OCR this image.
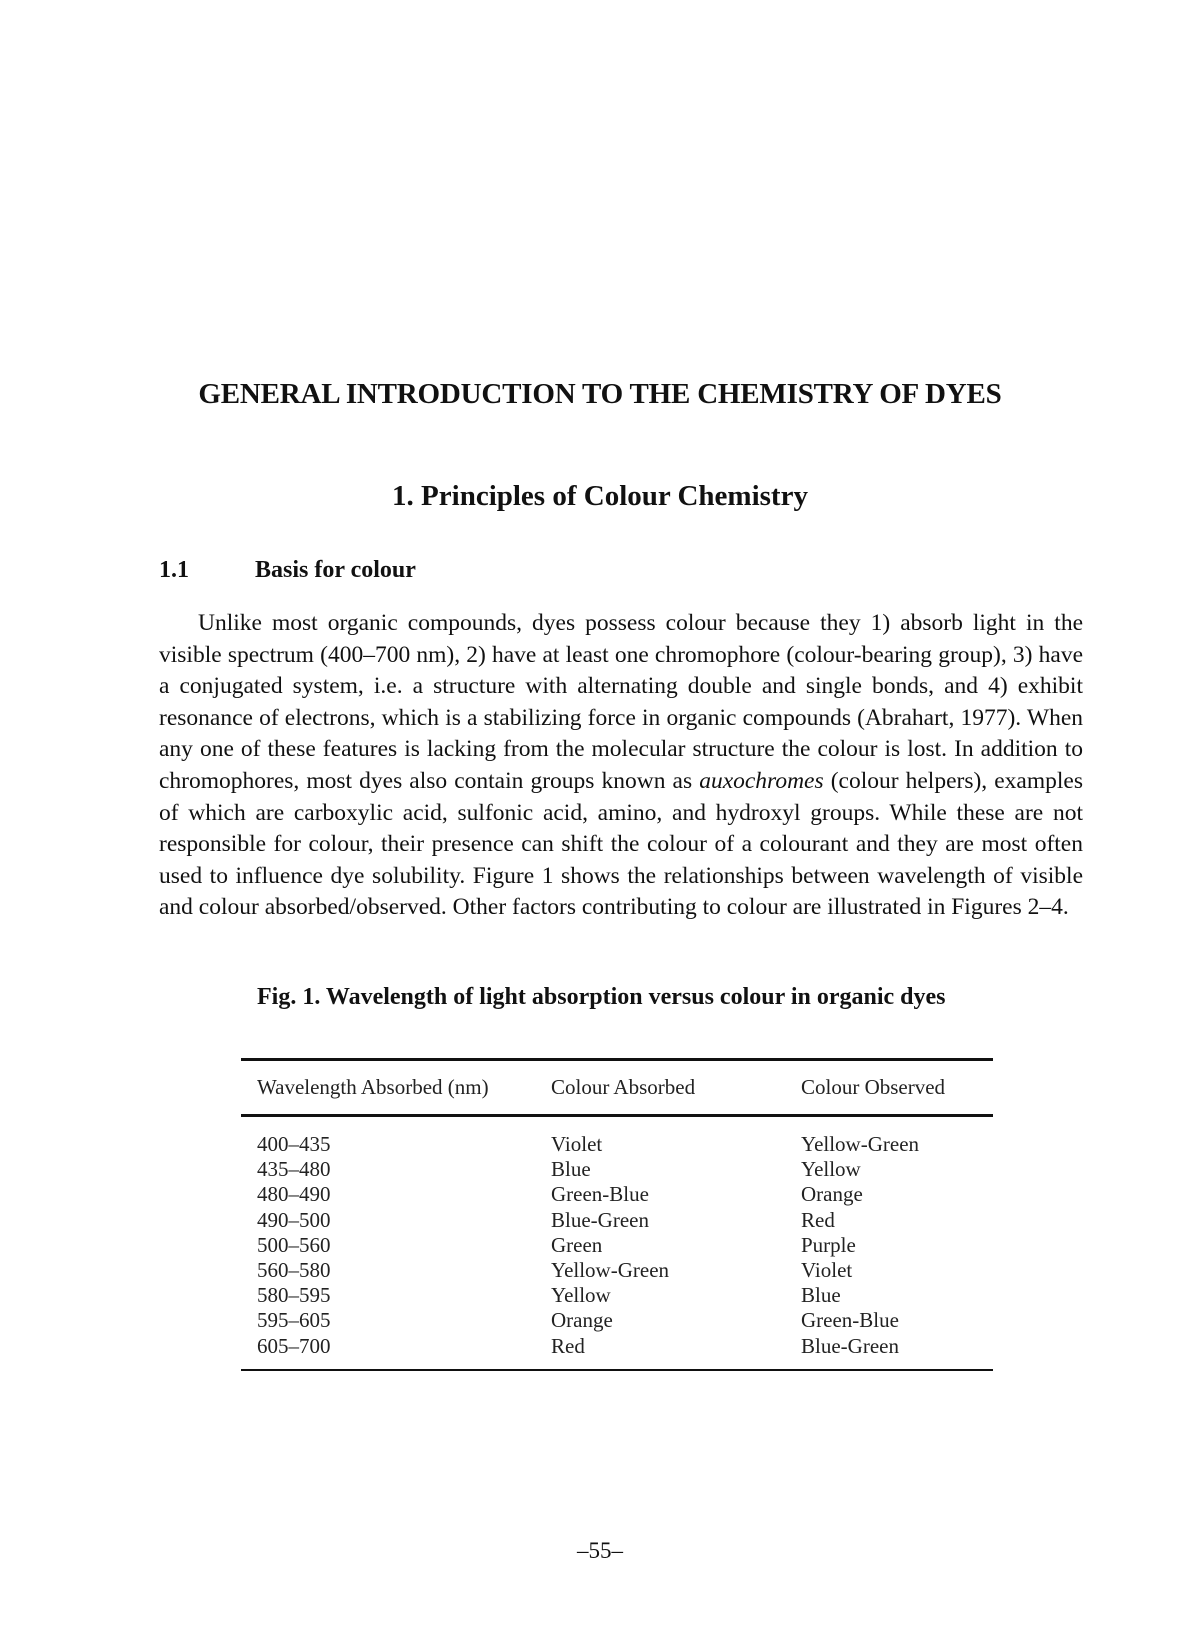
GENERAL INTRODUCTION TO THE CHEMISTRY OF DYES
1. Principles of Colour Chemistry
1.1	Basis for colour

Unlike most organic compounds, dyes possess colour because they 1) absorb light in the visible spectrum (400–700 nm), 2) have at least one chromophore (colour-bearing group), 3) have a conjugated system, i.e. a structure with alternating double and single bonds, and 4) exhibit resonance of electrons, which is a stabilizing force in organic compounds (Abrahart, 1977). When any one of these features is lacking from the molecular structure the colour is lost. In addition to chromophores, most dyes also contain groups known as auxochromes (colour helpers), examples of which are carboxylic acid, sulfonic acid, amino, and hydroxyl groups. While these are not responsible for colour, their presence can shift the colour of a colourant and they are most often used to influence dye solubility. Figure 1 shows the relationships between wavelength of visible and colour absorbed/observed. Other factors contributing to colour are illustrated in Figures 2–4.

Fig. 1. Wavelength of light absorption versus colour in organic dyes

Wavelength Absorbed (nm)	Colour Absorbed	Colour Observed
400–435	Violet	Yellow-Green
435–480	Blue	Yellow
480–490	Green-Blue	Orange
490–500	Blue-Green	Red
500–560	Green	Purple
560–580	Yellow-Green	Violet
580–595	Yellow	Blue
595–605	Orange	Green-Blue
605–700	Red	Blue-Green

–55–
